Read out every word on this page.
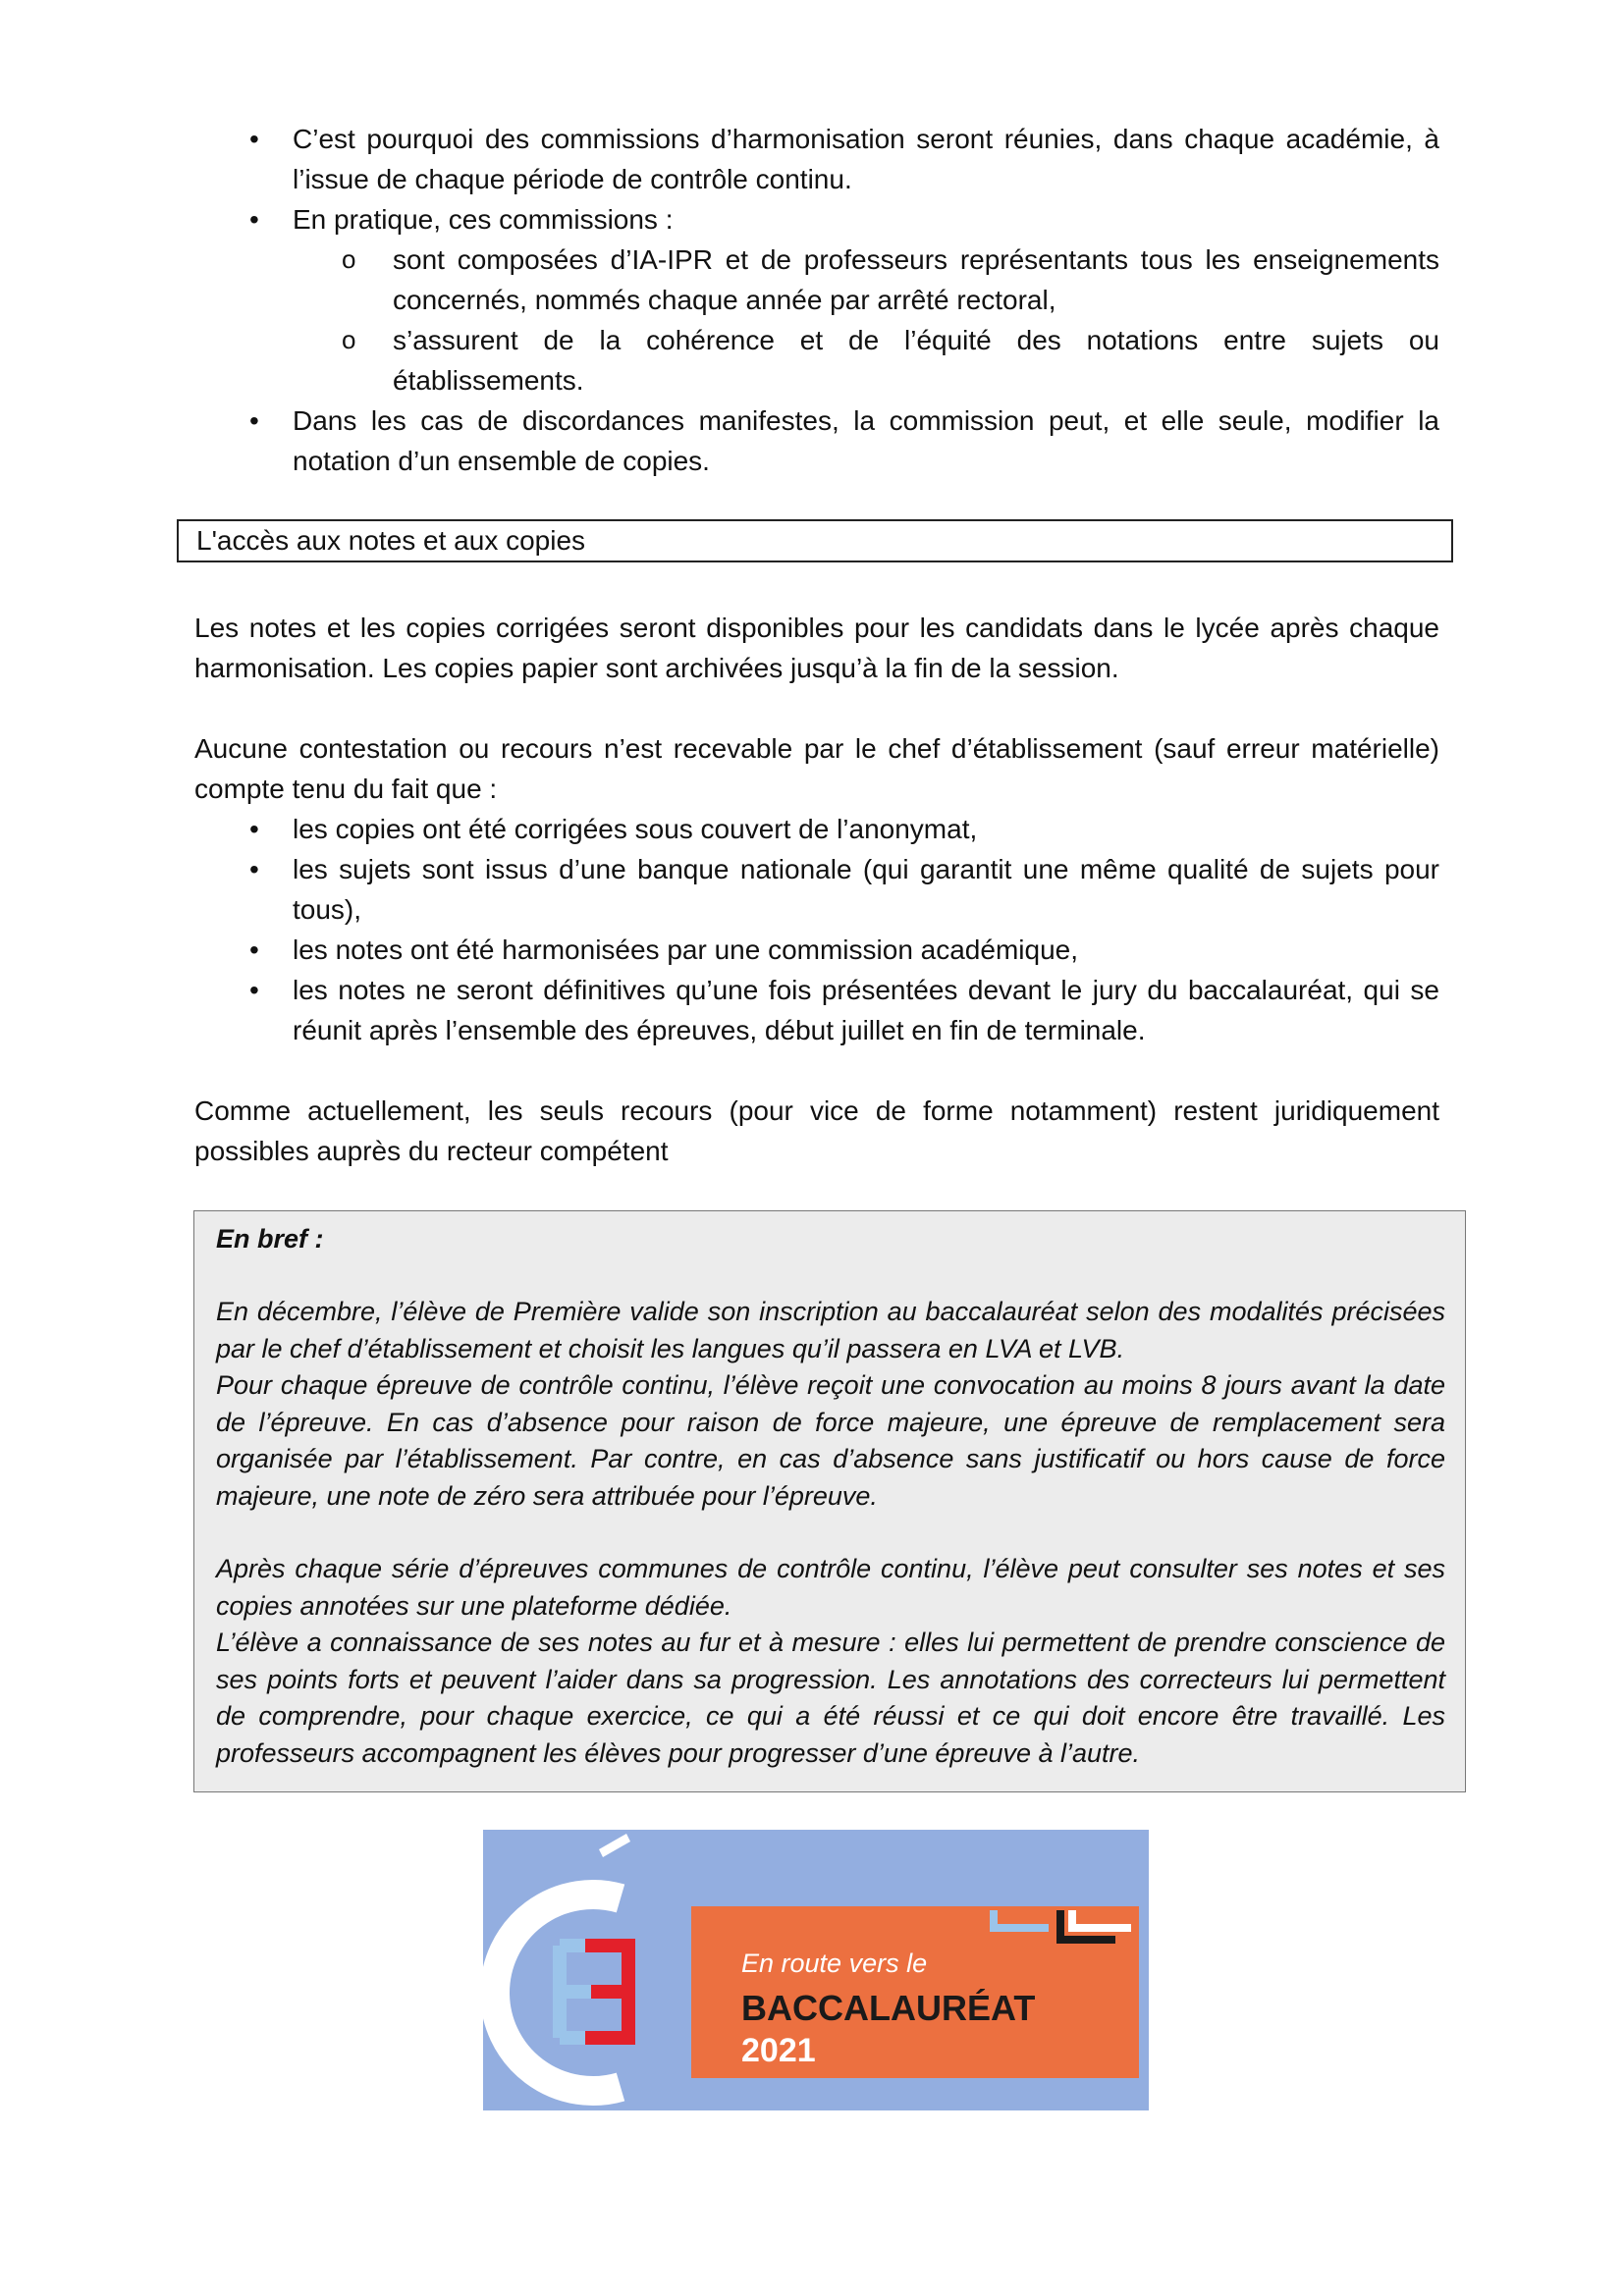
• C’est pourquoi des commissions d’harmonisation seront réunies, dans chaque académie, à l’issue de chaque période de contrôle continu.

• En pratique, ces commissions :

o sont composées d’IA-IPR et de professeurs représentants tous les enseignements concernés, nommés chaque année par arrêté rectoral,

o s’assurent de la cohérence et de l’équité des notations entre sujets ou établissements.

• Dans les cas de discordances manifestes, la commission peut, et elle seule, modifier la notation d’un ensemble de copies.

L'accès aux notes et aux copies

Les notes et les copies corrigées seront disponibles pour les candidats dans le lycée après chaque harmonisation. Les copies papier sont archivées jusqu’à la fin de la session.

Aucune contestation ou recours n’est recevable par le chef d’établissement (sauf erreur matérielle) compte tenu du fait que :

• les copies ont été corrigées sous couvert de l’anonymat,

• les sujets sont issus d’une banque nationale (qui garantit une même qualité de sujets pour tous),

• les notes ont été harmonisées par une commission académique,

• les notes ne seront définitives qu’une fois présentées devant le jury du baccalauréat, qui se réunit après l’ensemble des épreuves, début juillet en fin de terminale.

Comme actuellement, les seuls recours (pour vice de forme notamment) restent juridiquement possibles auprès du recteur compétent

En bref :

En décembre, l’élève de Première valide son inscription au baccalauréat selon des modalités précisées par le chef d’établissement et choisit les langues qu’il passera en LVA et LVB.

Pour chaque épreuve de contrôle continu, l’élève reçoit une convocation au moins 8 jours avant la date de l’épreuve. En cas d’absence pour raison de force majeure, une épreuve de remplacement sera organisée par l’établissement. Par contre, en cas d’absence sans justificatif ou hors cause de force majeure, une note de zéro sera attribuée pour l’épreuve.

Après chaque série d’épreuves communes de contrôle continu, l’élève peut consulter ses notes et ses copies annotées sur une plateforme dédiée.

L’élève a connaissance de ses notes au fur et à mesure : elles lui permettent de prendre conscience de ses points forts et peuvent l’aider dans sa progression. Les annotations des correcteurs lui permettent de comprendre, pour chaque exercice, ce qui a été réussi et ce qui doit encore être travaillé. Les professeurs accompagnent les élèves pour progresser d’une épreuve à l’autre.

En route vers le
BACCALAURÉAT
2021
